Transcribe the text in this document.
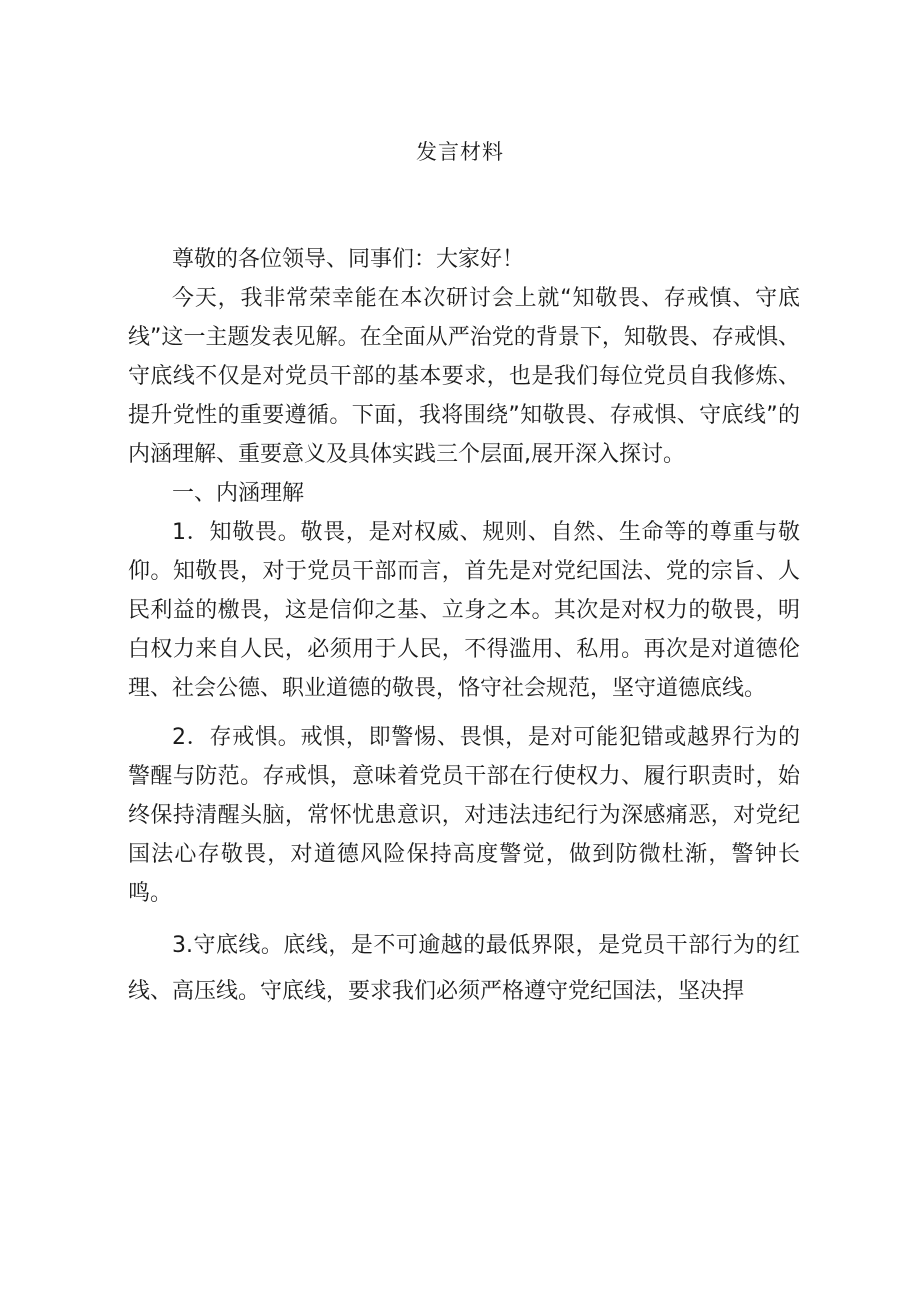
发言材料

尊敬的各位领导、同事们：大家好！

今天，我非常荣幸能在本次研讨会上就“知敬畏、存戒慎、守底线”这一主题发表见解。在全面从严治党的背景下，知敬畏、存戒惧、守底线不仅是对党员干部的基本要求，也是我们每位党员自我修炼、提升党性的重要遵循。下面，我将围绕”知敬畏、存戒惧、守底线”的内涵理解、重要意义及具体实践三个层面,展开深入探讨。

一、内涵理解

1．知敬畏。敬畏，是对权威、规则、自然、生命等的尊重与敬仰。知敬畏，对于党员干部而言，首先是对党纪国法、党的宗旨、人民利益的檄畏，这是信仰之基、立身之本。其次是对权力的敬畏，明白权力来自人民，必须用于人民，不得滥用、私用。再次是对道德伦理、社会公德、职业道德的敬畏，恪守社会规范，坚守道德底线。

2．存戒惧。戒惧，即警惕、畏惧，是对可能犯错或越界行为的警醒与防范。存戒惧，意味着党员干部在行使权力、履行职责时，始终保持清醒头脑，常怀忧患意识，对违法违纪行为深感痛恶，对党纪国法心存敬畏，对道德风险保持高度警觉，做到防微杜渐，警钟长鸣。

3.守底线。底线，是不可逾越的最低界限，是党员干部行为的红线、高压线。守底线，要求我们必须严格遵守党纪国法，坚决捍
